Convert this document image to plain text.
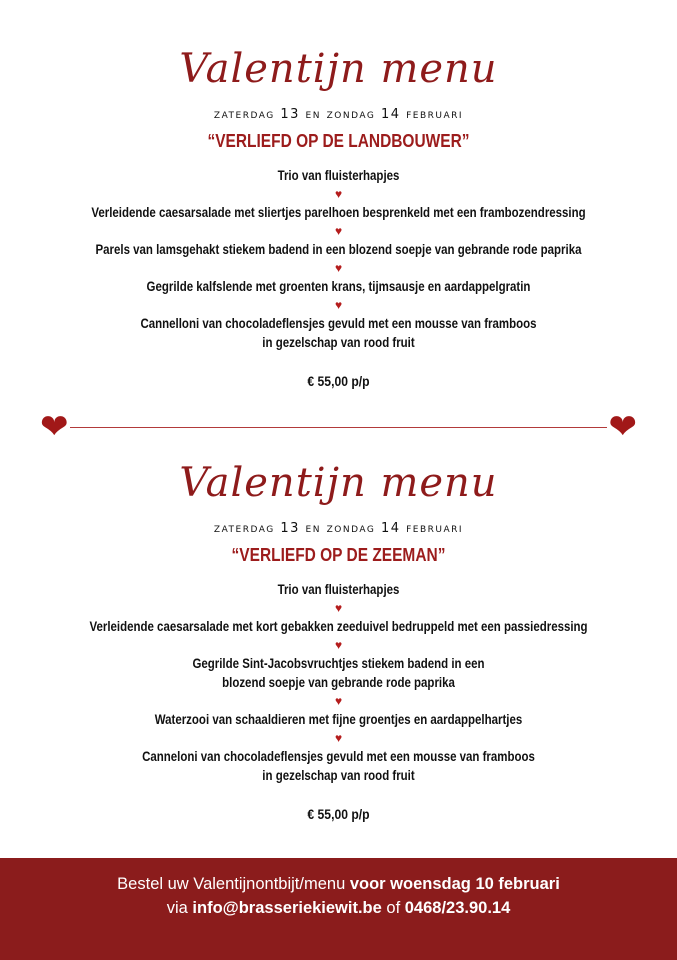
Valentijn menu
zaterdag 13 en zondag 14 februari
“VERLIEFD OP DE LANDBOUWER”
Trio van fluisterhapjes
♥
Verleidende caesarsalade met sliertjes parelhoen besprenkeld met een frambozendressing
♥
Parels van lamsgehakt stiekem badend in een blozend soepje van gebrande rode paprika
♥
Gegrilde kalfslende met groenten krans, tijmsausje en aardappelgratin
♥
Cannelloni van chocoladeflensjes gevuld met een mousse van framboos
in gezelschap van rood fruit
€ 55,00 p/p
❤	❤
Valentijn menu
zaterdag 13 en zondag 14 februari
“VERLIEFD OP DE ZEEMAN”
Trio van fluisterhapjes
♥
Verleidende caesarsalade met kort gebakken zeeduivel bedruppeld met een passiedressing
♥
Gegrilde Sint-Jacobsvruchtjes stiekem badend in een
blozend soepje van gebrande rode paprika
♥
Waterzooi van schaaldieren met fijne groentjes en aardappelhartjes
♥
Canneloni van chocoladeflensjes gevuld met een mousse van framboos
in gezelschap van rood fruit
€ 55,00 p/p
Bestel uw Valentijnontbijt/menu voor woensdag 10 februari
via info@brasseriekiewit.be of 0468/23.90.14
